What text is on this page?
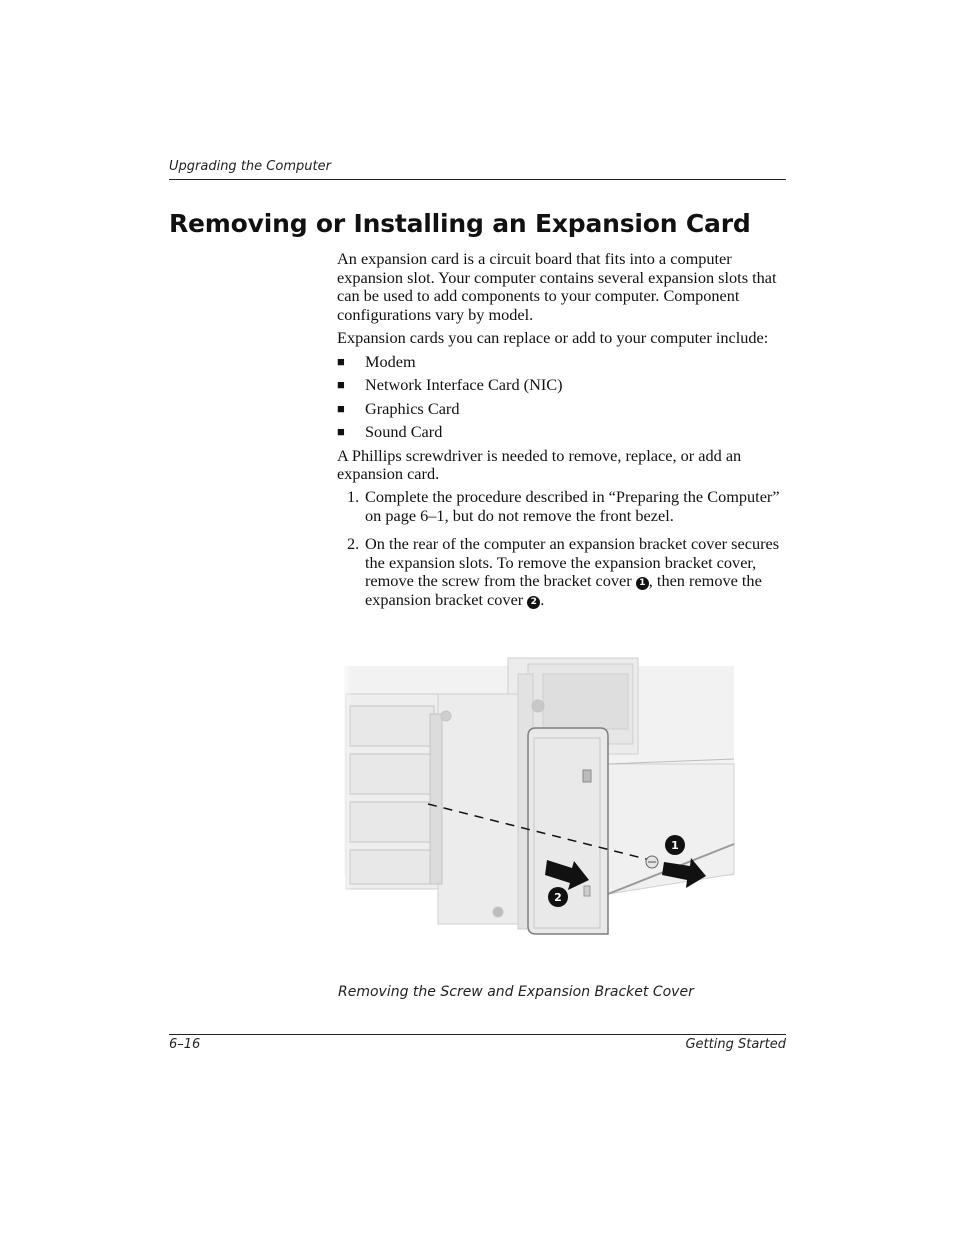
Upgrading the Computer
Removing or Installing an Expansion Card

An expansion card is a circuit board that fits into a computer expansion slot. Your computer contains several expansion slots that can be used to add components to your computer. Component configurations vary by model.

Expansion cards you can replace or add to your computer include:

■ Modem
■ Network Interface Card (NIC)
■ Graphics Card
■ Sound Card

A Phillips screwdriver is needed to remove, replace, or add an expansion card.

1. Complete the procedure described in “Preparing the Computer” on page 6–1, but do not remove the front bezel.
2. On the rear of the computer an expansion bracket cover secures the expansion slots. To remove the expansion bracket cover, remove the screw from the bracket cover 1 , then remove the expansion bracket cover 2 .
1
2
Removing the Screw and Expansion Bracket Cover
6–16	Getting Started
